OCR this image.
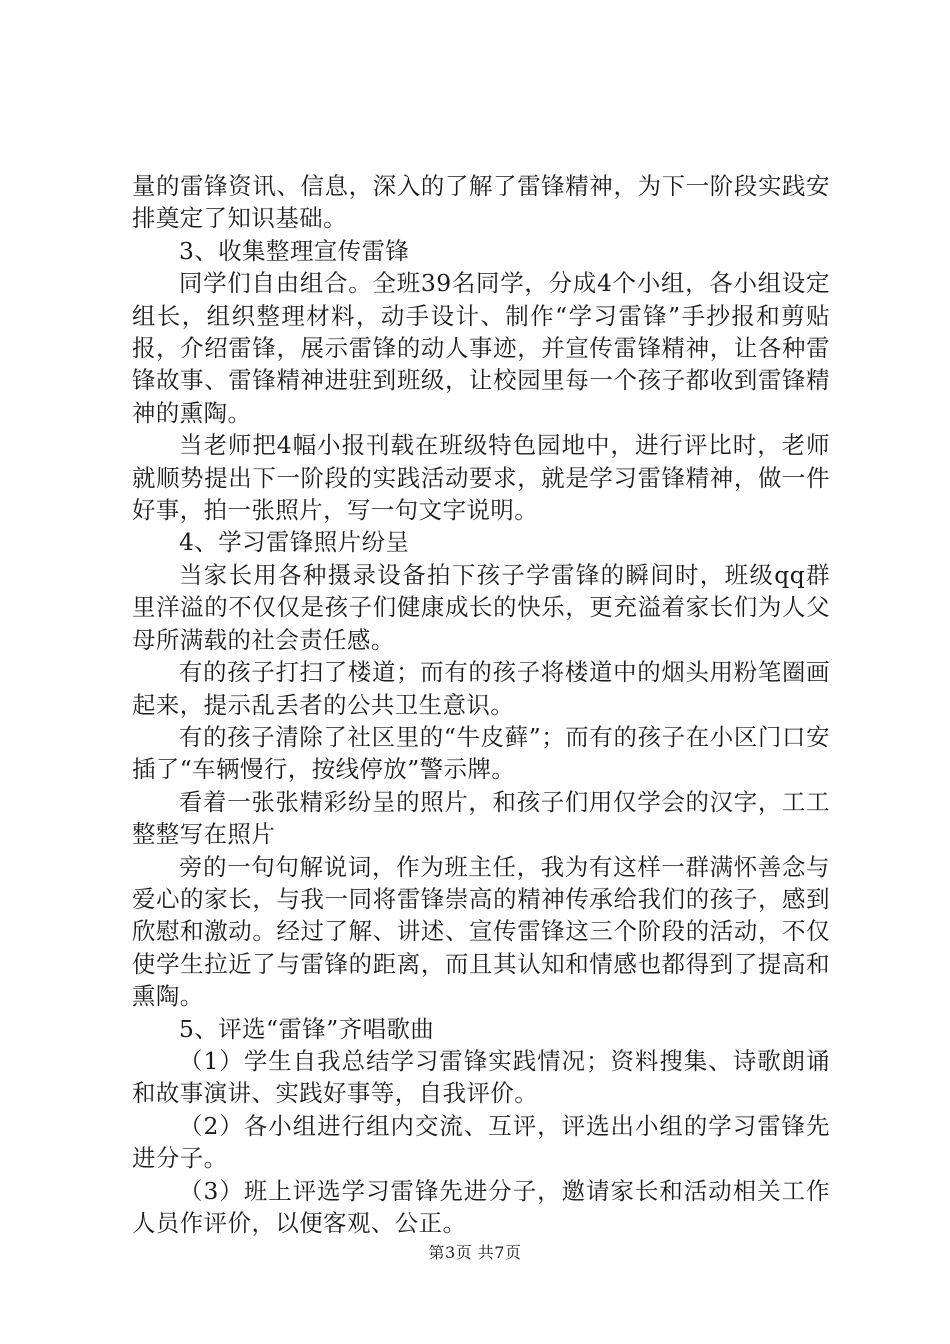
量的雷锋资讯、信息，深入的了解了雷锋精神，为下一阶段实践安排奠定了知识基础。

3、收集整理宣传雷锋

同学们自由组合。全班39名同学，分成4个小组，各小组设定组长，组织整理材料，动手设计、制作“学习雷锋”手抄报和剪贴报，介绍雷锋，展示雷锋的动人事迹，并宣传雷锋精神，让各种雷锋故事、雷锋精神进驻到班级，让校园里每一个孩子都收到雷锋精神的熏陶。

当老师把4幅小报刊载在班级特色园地中，进行评比时，老师就顺势提出下一阶段的实践活动要求，就是学习雷锋精神，做一件好事，拍一张照片，写一句文字说明。

4、学习雷锋照片纷呈

当家长用各种摄录设备拍下孩子学雷锋的瞬间时，班级qq群里洋溢的不仅仅是孩子们健康成长的快乐，更充溢着家长们为人父母所满载的社会责任感。

有的孩子打扫了楼道；而有的孩子将楼道中的烟头用粉笔圈画起来，提示乱丢者的公共卫生意识。

有的孩子清除了社区里的“牛皮藓”；而有的孩子在小区门口安插了“车辆慢行，按线停放”警示牌。

看着一张张精彩纷呈的照片，和孩子们用仅学会的汉字，工工整整写在照片

旁的一句句解说词，作为班主任，我为有这样一群满怀善念与爱心的家长，与我一同将雷锋崇高的精神传承给我们的孩子，感到欣慰和激动。经过了解、讲述、宣传雷锋这三个阶段的活动，不仅使学生拉近了与雷锋的距离，而且其认知和情感也都得到了提高和熏陶。

5、评选“雷锋”齐唱歌曲

（1）学生自我总结学习雷锋实践情况；资料搜集、诗歌朗诵和故事演讲、实践好事等，自我评价。

（2）各小组进行组内交流、互评，评选出小组的学习雷锋先进分子。

（3）班上评选学习雷锋先进分子，邀请家长和活动相关工作人员作评价，以便客观、公正。

第3页 共7页
